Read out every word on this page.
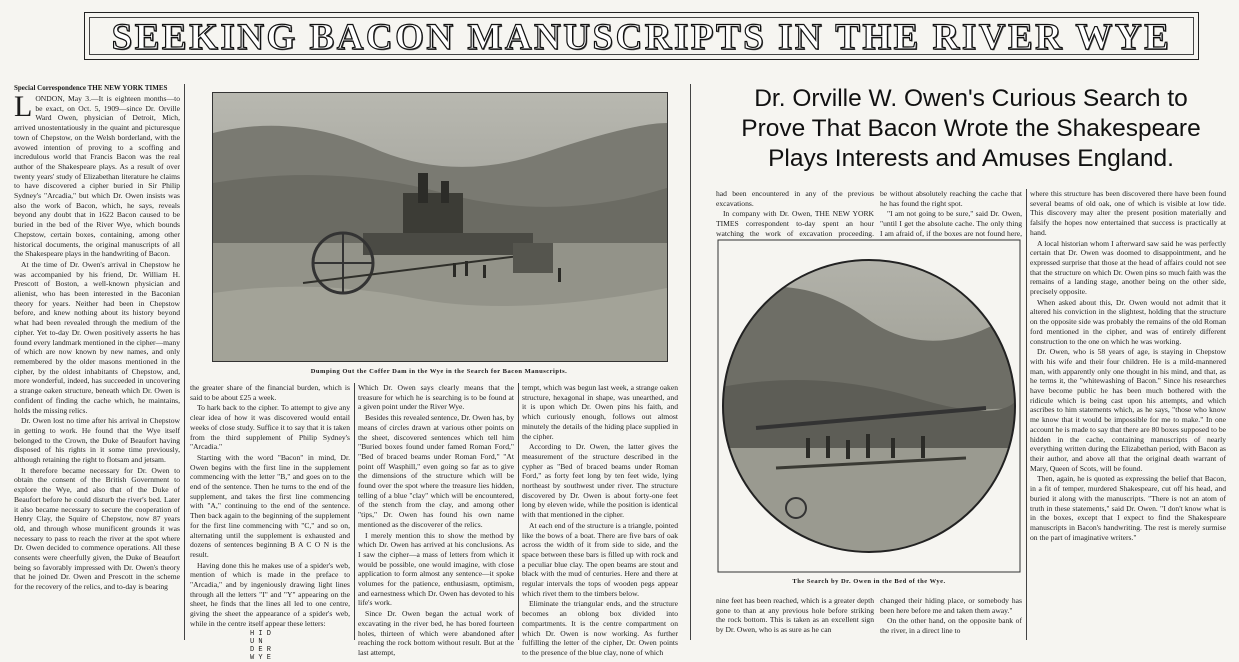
SEEKING BACON MANUSCRIPTS IN THE RIVER WYE

Special Correspondence THE NEW YORK TIMES

LONDON, May 3.—It is eighteen months—to be exact, on Oct. 5, 1909—since Dr. Orville Ward Owen, physician of Detroit, Mich, arrived unostentatiously in the quaint and picturesque town of Chepstow, on the Welsh borderland, with the avowed intention of proving to a scoffing and incredulous world that Francis Bacon was the real author of the Shakespeare plays. As a result of over twenty years' study of Elizabethan literature he claims to have discovered a cipher buried in Sir Philip Sydney's "Arcadia," but which Dr. Owen insists was also the work of Bacon, which, he says, reveals beyond any doubt that in 1622 Bacon caused to be buried in the bed of the River Wye, which bounds Chepstow, certain boxes, containing, among other historical documents, the original manuscripts of all the Shakespeare plays in the handwriting of Bacon.

At the time of Dr. Owen's arrival in Chepstow he was accompanied by his friend, Dr. William H. Prescott of Boston, a well-known physician and alienist, who has been interested in the Baconian theory for years. Neither had been in Chepstow before, and knew nothing about its history beyond what had been revealed through the medium of the cipher. Yet to-day Dr. Owen positively asserts he has found every landmark mentioned in the cipher—many of which are now known by new names, and only remembered by the older masons mentioned in the cipher, by the oldest inhabitants of Chepstow, and, more wonderful, indeed, has succeeded in uncovering a strange oaken structure, beneath which Dr. Owen is confident of finding the cache which, he maintains, holds the missing relics.

Dr. Owen lost no time after his arrival in Chepstow in getting to work. He found that the Wye itself belonged to the Crown, the Duke of Beaufort having disposed of his rights in it some time previously, although retaining the right to flotsam and jetsam.

It therefore became necessary for Dr. Owen to obtain the consent of the British Government to explore the Wye, and also that of the Duke of Beaufort before he could disturb the river's bed. Later it also became necessary to secure the cooperation of Henry Clay, the Squire of Chepstow, now 87 years old, and through whose munificent grounds it was necessary to pass to reach the river at the spot where Dr. Owen decided to commence operations. All these consents were cheerfully given, the Duke of Beaufort being so favorably impressed with Dr. Owen's theory that he joined Dr. Owen and Prescott in the scheme for the recovery of the relics, and to-day is bearing

Dumping Out the Coffer Dam in the Wye in the Search for Bacon Manuscripts.

the greater share of the financial burden, which is said to be about £25 a week.

To hark back to the cipher. To attempt to give any clear idea of how it was discovered would entail weeks of close study. Suffice it to say that it is taken from the third supplement of Philip Sydney's "Arcadia."

Starting with the word "Bacon" in mind, Dr. Owen begins with the first line in the supplement commencing with the letter "B," and goes on to the end of the sentence. Then he turns to the end of the supplement, and takes the first line commencing with "A," continuing to the end of the sentence. Then back again to the beginning of the supplement for the first line commencing with "C," and so on, alternating until the supplement is exhausted and dozens of sentences beginning B A C O N is the result.

Having done this he makes use of a spider's web, mention of which is made in the preface to "Arcadia," and by ingeniously drawing light lines through all the letters "I" and "Y" appearing on the sheet, he finds that the lines all led to one centre, giving the sheet the appearance of a spider's web, while in the centre itself appear these letters:

H I D
U N
D E R
W Y E

Which Dr. Owen says clearly means that the treasure for which he is searching is to be found at a given point under the River Wye.

Besides this revealed sentence, Dr. Owen has, by means of circles drawn at various other points on the sheet, discovered sentences which tell him "Buried boxes found under famed Roman Ford," "Bed of braced beams under Roman Ford," "At point off Wasphill," even going so far as to give the dimensions of the structure which will be found over the spot where the treasure lies hidden, telling of a blue "clay" which will be encountered, of the stench from the clay, and among other "tips," Dr. Owen has found his own name mentioned as the discoverer of the relics.

I merely mention this to show the method by which Dr. Owen has arrived at his conclusions. As I saw the cipher—a mass of letters from which it would be possible, one would imagine, with close application to form almost any sentence—it spoke volumes for the patience, enthusiasm, optimism, and earnestness which Dr. Owen has devoted to his life's work.

Since Dr. Owen began the actual work of excavating in the river bed, he has bored fourteen holes, thirteen of which were abandoned after reaching the rock bottom without result. But at the last attempt,

tempt, which was begun last week, a strange oaken structure, hexagonal in shape, was unearthed, and it is upon which Dr. Owen pins his faith, and which curiously enough, follows out almost minutely the details of the hiding place supplied in the cipher.

According to Dr. Owen, the latter gives the measurement of the structure described in the cypher as "Bed of braced beams under Roman Ford," as forty feet long by ten feet wide, lying northeast by southwest under river. The structure discovered by Dr. Owen is about forty-one feet long by eleven wide, while the position is identical with that mentioned in the cipher.

At each end of the structure is a triangle, pointed like the bows of a boat. There are five bars of oak across the width of it from side to side, and the space between these bars is filled up with rock and a peculiar blue clay. The open beams are stout and black with the mud of centuries. Here and there at regular intervals the tops of wooden pegs appear which rivet them to the timbers below.

Eliminate the triangular ends, and the structure becomes an oblong box divided into compartments. It is the centre compartment on which Dr. Owen is now working. As further fulfilling the letter of the cipher, Dr. Owen points to the presence of the blue clay, none of which

Dr. Orville W. Owen's Curious Search to
Prove That Bacon Wrote the Shakespeare
Plays Interests and Amuses England.

had been encountered in any of the previous excavations.

In company with Dr. Owen, THE NEW YORK TIMES correspondent to-day spent an hour watching the work of excavation proceeding.

be without absolutely reaching the cache that he has found the right spot.

"I am not going to be sure," said Dr. Owen, "until I get the absolute cache. The only thing I am afraid of, if the boxes are not found here,

The Search by Dr. Owen in the Bed of the Wye.

nine feet has been reached, which is a greater depth gone to than at any previous hole before striking the rock bottom. This is taken as an excellent sign by Dr. Owen, who is as sure as he can

changed their hiding place, or somebody has been here before me and taken them away."

On the other hand, on the opposite bank of the river, in a direct line to

where this structure has been discovered there have been found several beams of old oak, one of which is visible at low tide. This discovery may alter the present position materially and falsify the hopes now entertained that success is practically at hand.

A local historian whom I afterward saw said he was perfectly certain that Dr. Owen was doomed to disappointment, and he expressed surprise that those at the head of affairs could not see that the structure on which Dr. Owen pins so much faith was the remains of a landing stage, another being on the other side, precisely opposite.

When asked about this, Dr. Owen would not admit that it altered his conviction in the slightest, holding that the structure on the opposite side was probably the remains of the old Roman ford mentioned in the cipher, and was of entirely different construction to the one on which he was working.

Dr. Owen, who is 58 years of age, is staying in Chepstow with his wife and their four children. He is a mild-mannered man, with apparently only one thought in his mind, and that, as he terms it, the "whitewashing of Bacon." Since his researches have become public he has been much bothered with the ridicule which is being cast upon his attempts, and which ascribes to him statements which, as he says, "those who know me know that it would be impossible for me to make." In one account he is made to say that there are 80 boxes supposed to be hidden in the cache, containing manuscripts of nearly everything written during the Elizabethan period, with Bacon as their author, and above all that the original death warrant of Mary, Queen of Scots, will be found.

Then, again, he is quoted as expressing the belief that Bacon, in a fit of temper, murdered Shakespeare, cut off his head, and buried it along with the manuscripts. "There is not an atom of truth in these statements," said Dr. Owen. "I don't know what is in the boxes, except that I expect to find the Shakespeare manuscripts in Bacon's handwriting. The rest is merely surmise on the part of imaginative writers."
